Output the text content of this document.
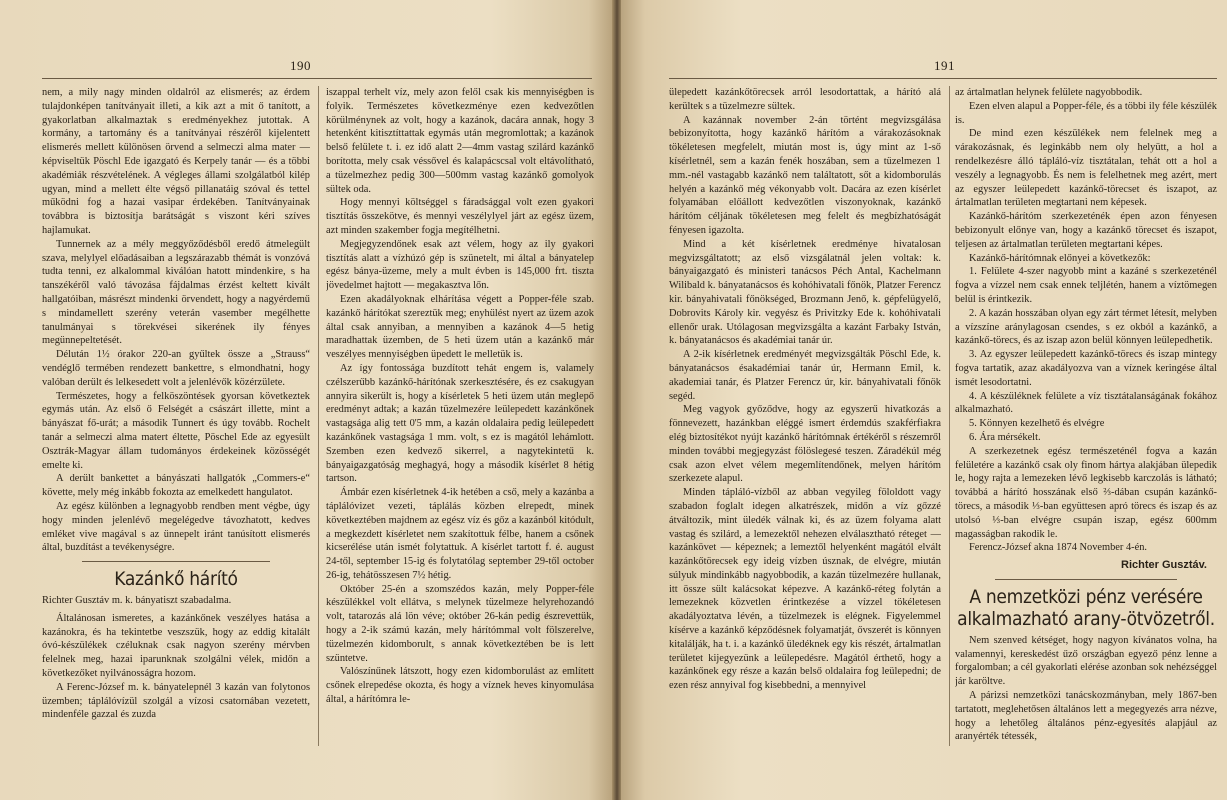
190

nem, a mily nagy minden oldalról az elismerés; az érdem tulajdonképen tanítványait illeti, a kik azt a mit ő tanított, a gyakorlatban alkalmaztak s eredményekhez jutottak. A kormány, a tartomány és a tanítványai részéről kijelentett elismerés mellett különösen örvend a selmeczi alma mater — képviseltük Pöschl Ede igazgató és Kerpely tanár — és a többi akadémiák részvételének. A végleges állami szolgálatból kilép ugyan, mind a mellett élte végső pillanatáig szóval és tettel működni fog a hazai vasipar érdekében. Tanítványainak továbbra is biztosítja barátságát s viszont kéri szíves hajlamukat.

Tunnernek az a mély meggyőződésből eredő átmelegült szava, melylyel előadásaiban a legszárazabb thémát is vonzóvá tudta tenni, ez alkalommal kiválóan hatott mindenkire, s ha tanszékéről való távozása fájdalmas érzést keltett kivált hallgatóiban, másrészt mindenki örvendett, hogy a nagyérdemű s mindamellett szerény veterán vasember megélhette tanulmányai s törekvései sikerének ily fényes megünnepeltetését.

Délután 1½ órakor 220-an gyűltek össze a „Strauss“ vendéglő termében rendezett bankettre, s elmondhatni, hogy valóban derült és lelkesedett volt a jelenlévők közérzülete.

Természetes, hogy a felköszöntések gyorsan következtek egymás után. Az első ő Felségét a császárt illette, mint a bányászat fő-urát; a második Tunnert és úgy tovább. Rochelt tanár a selmeczi alma matert éltette, Pöschel Ede az egyesült Osztrák-Magyar állam tudományos érdekeinek közösségét emelte ki.

A derült bankettet a bányászati hallgatók „Commers-e“ követte, mely még inkább fokozta az emelkedett hangulatot.

Az egész különben a legnagyobb rendben ment végbe, úgy hogy minden jelenlévő megelégedve távozhatott, kedves emléket vive magával s az ünnepelt iránt tanúsított elismerés által, buzdítást a tevékenységre.

Kazánkő hárító
Richter Gusztáv m. k. bányatiszt szabadalma.

Általánosan ismeretes, a kazánkőnek veszélyes hatása a kazánokra, és ha tekintetbe veszszük, hogy az eddig kitalált óvó-készülékek czéluknak csak nagyon szerény mérvben felelnek meg, hazai iparunknak szolgálni vélek, midőn a következőket nyilvánosságra hozom.

A Ferenc-József m. k. bányatelepnél 3 kazán van folytonos üzemben; táplálóvízül szolgál a vízosi csatornában vezetett, mindenféle gazzal és zuzda

iszappal terhelt víz, mely azon felől csak kis mennyiségben is folyik. Természetes következménye ezen kedvezőtlen körülménynek az volt, hogy a kazánok, dacára annak, hogy 3 hetenként kitisztíttattak egymás után megromlottak; a kazánok belső felülete t. i. ez idő alatt 2—4mm vastag szilárd kazánkő borította, mely csak véssővel és kalapácscsal volt eltávolítható, a tüzelmezhez pedig 300—500mm vastag kazánkő gomolyok sültek oda.

Hogy mennyi költséggel s fáradsággal volt ezen gyakori tisztítás összekötve, és mennyi veszélylyel járt az egész üzem, azt minden szakember fogja megítélhetni.

Megjegyzendőnek esak azt vélem, hogy az ily gyakori tisztítás alatt a vízhúzó gép is szünetelt, mi által a bányatelep egész bánya-üzeme, mely a mult évben is 145,000 frt. tiszta jövedelmet hajtott — megakasztva lőn.

Ezen akadályoknak elhárítása végett a Popper-féle szab. kazánkő hárítókat szereztük meg; enyhülést nyert az üzem azok által csak annyiban, a mennyiben a kazánok 4—5 hetig maradhattak üzemben, de 5 heti üzem után a kazánkő már veszélyes mennyiségben üpedett le melletük is.

Az így fontossága buzdított tehát engem is, valamely czélszerűbb kazánkő-hárítónak szerkesztésére, és ez csakugyan annyira sikerült is, hogy a kísérletek 5 heti üzem után meglepő eredményt adtak; a kazán tüzelmezére leülepedett kazánkőnek vastagsága alig tett 0'5 mm, a kazán oldalaira pedig leülepedett kazánkőnek vastagsága 1 mm. volt, s ez is magától lehámlott. Szemben ezen kedvező sikerrel, a nagytekintetű k. bányaigazgatóság meghagyá, hogy a második kísérlet 8 hétig tartson.

Ámbár ezen kísérletnek 4-ik hetében a cső, mely a kazánba a táplálóvizet vezeti, táplálás közben elrepedt, minek következtében majdnem az egész víz és gőz a kazánból kitódult, a megkezdett kísérletet nem szakítottuk félbe, hanem a csőnek kicserélése után ismét folytattuk. A kísérlet tartott f. é. august 24-től, september 15-ig és folytatólag september 29-től october 26-ig, tehátösszesen 7½ hétig.

Október 25-én a szomszédos kazán, mely Popper-féle készülékkel volt ellátva, s melynek tüzelmeze helyrehozandó volt, tatarozás alá lön véve; október 26-kán pedig észrevettük, hogy a 2-ik számú kazán, mely hárítómmal volt fölszerelve, tüzelmezén kidomborult, s annak következtében be is lett szüntetve.

Valószínűnek látszott, hogy ezen kidomborulást az említett csőnek elrepedése okozta, és hogy a víznek heves kinyomulása által, a hárítómra le-

191

ülepedett kazánkőtörecsek arról lesodortattak, a hárító alá kerültek s a tüzelmezre sültek.

A kazánnak november 2-án történt megvizsgálása bebizonyította, hogy kazánkő hárítóm a várakozásoknak tökéletesen megfelelt, miután most is, úgy mint az 1-ső kísérletnél, sem a kazán fenék hoszában, sem a tüzelmezen 1 mm.-nél vastagabb kazánkő nem találtatott, sőt a kidomborulás helyén a kazánkő még vékonyabb volt. Dacára az ezen kísérlet folyamában előállott kedvezőtlen viszonyoknak, kazánkő hárítóm céljának tökéletesen meg felelt és megbízhatóságát fényesen igazolta.

Mind a két kísérletnek eredménye hivatalosan megvizsgáltatott; az első vizsgálatnál jelen voltak: k. bányaigazgató és ministeri tanácsos Péch Antal, Kachelmann Wilibald k. bányatanácsos és kohóhivatali főnök, Platzer Ferencz kir. bányahivatali főnökséged, Brozmann Jenő, k. gépfelügyelő, Dobrovits Károly kir. vegyész és Privitzky Ede k. kohóhivatali ellenőr urak. Utólagosan megvizsgálta a kazánt Farbaky István, k. bányatanácsos és akadémiai tanár úr.

A 2-ik kísérletnek eredményét megvizsgálták Pöschl Ede, k. bányatanácsos ésakadémiai tanár úr, Hermann Emil, k. akademiai tanár, és Platzer Ferencz úr, kir. bányahivatali főnök segéd.

Meg vagyok győződve, hogy az egyszerű hivatkozás a fönnevezett, hazánkban eléggé ismert érdemdús szakférfiakra elég biztosítékot nyújt kazánkő hárítómnak értékéről s részemről minden további megjegyzást fölöslegesé teszen. Záradékúl még csak azon elvet vélem megemlítendőnek, melyen hárítóm szerkezete alapul.

Minden tápláló-vízből az abban vegyileg föloldott vagy szabadon foglalt idegen alkatrészek, midőn a víz gőzzé átváltozik, mint üledék válnak ki, és az üzem folyama alatt vastag és szilárd, a lemezektől nehezen elválasztható réteget — kazánkövet — képeznek; a lemeztől helyenként magától elvált kazánkőtörecsek egy ideig vízben úsznak, de elvégre, miután súlyuk mindinkább nagyobbodik, a kazán tüzelmezére hullanak, itt össze sült kalácsokat képezve. A kazánkő-réteg folytán a lemezeknek közvetlen érintkezése a vízzel tökéletesen akadályoztatva lévén, a tüzelmezek is elégnek. Figyelemmel kísérve a kazánkő képződésnek folyamatját, ővszerét is könnyen kitalálják, ha t. i. a kazánkő üledéknek egy kis részét, ártalmatlan területet kijegyezünk a leülepedésre. Magától érthető, hogy a kazánkőnek egy része a kazán belső oldalaira fog leülepedni; de ezen rész annyival fog kisebbedni, a mennyivel

az ártalmatlan helynek felülete nagyobbodik.

Ezen elven alapul a Popper-féle, és a többi ily féle készülék is.

De mind ezen készülékek nem felelnek meg a várakozásnak, és leginkább nem oly helyütt, a hol a rendelkezésre álló tápláló-víz tisztátalan, tehát ott a hol a veszély a legnagyobb. És nem is felelhetnek meg azért, mert az egyszer leülepedett kazánkő-törecset és iszapot, az ártalmatlan területen megtartani nem képesek.

Kazánkő-hárítóm szerkezeténék épen azon fényesen bebizonyult előnye van, hogy a kazánkő törecset és iszapot, teljesen az ártalmatlan területen megtartani képes.

Kazánkő-hárítómnak előnyei a következők:

1. Felülete 4-szer nagyobb mint a kazáné s szerkezeténél fogva a vízzel nem csak ennek teljlétén, hanem a víztömegen belül is érintkezik.

2. A kazán hosszában olyan egy zárt térmet létesít, melyben a vízszíne aránylagosan csendes, s ez okból a kazánkő, a kazánkő-törecs, és az iszap azon belül könnyen leülepedhetik.

3. Az egyszer leülepedett kazánkő-törecs és iszap mintegy fogva tartatik, azaz akadályozva van a víznek keringése által ismét lesodortatni.

4. A készüléknek felülete a víz tisztátalanságának fokához alkalmazható.

5. Könnyen kezelhető és elvégre

6. Ára mérsékelt.

A szerkezetnek egész természeténél fogva a kazán felületére a kazánkő csak oly finom hártya alakjában ülepedik le, hogy rajta a lemezeken lévő legkisebb karczolás is látható; továbbá a hárító hosszának első ⅔-dában csupán kazánkő-törecs, a második ⅓-ban együttesen apró törecs és iszap és az utolsó ⅓-ban elvégre csupán iszap, egész 600mm magasságban rakodik le.

Ferencz-József akna 1874 November 4-én.

Richter Gusztáv.
A nemzetközi pénz verésére alkalmazható arany-ötvözetről.

Nem szenved kétséget, hogy nagyon kívánatos volna, ha valamennyi, kereskedést űző országban egyező pénz lenne a forgalomban; a cél gyakorlati elérése azonban sok nehézséggel jár karöltve.

A párizsi nemzetközi tanácskozmányban, mely 1867-ben tartatott, meglehetősen általános lett a megegyezés arra nézve, hogy a lehetőleg általános pénz-egyesítés alapjául az aranyérték tétessék,
